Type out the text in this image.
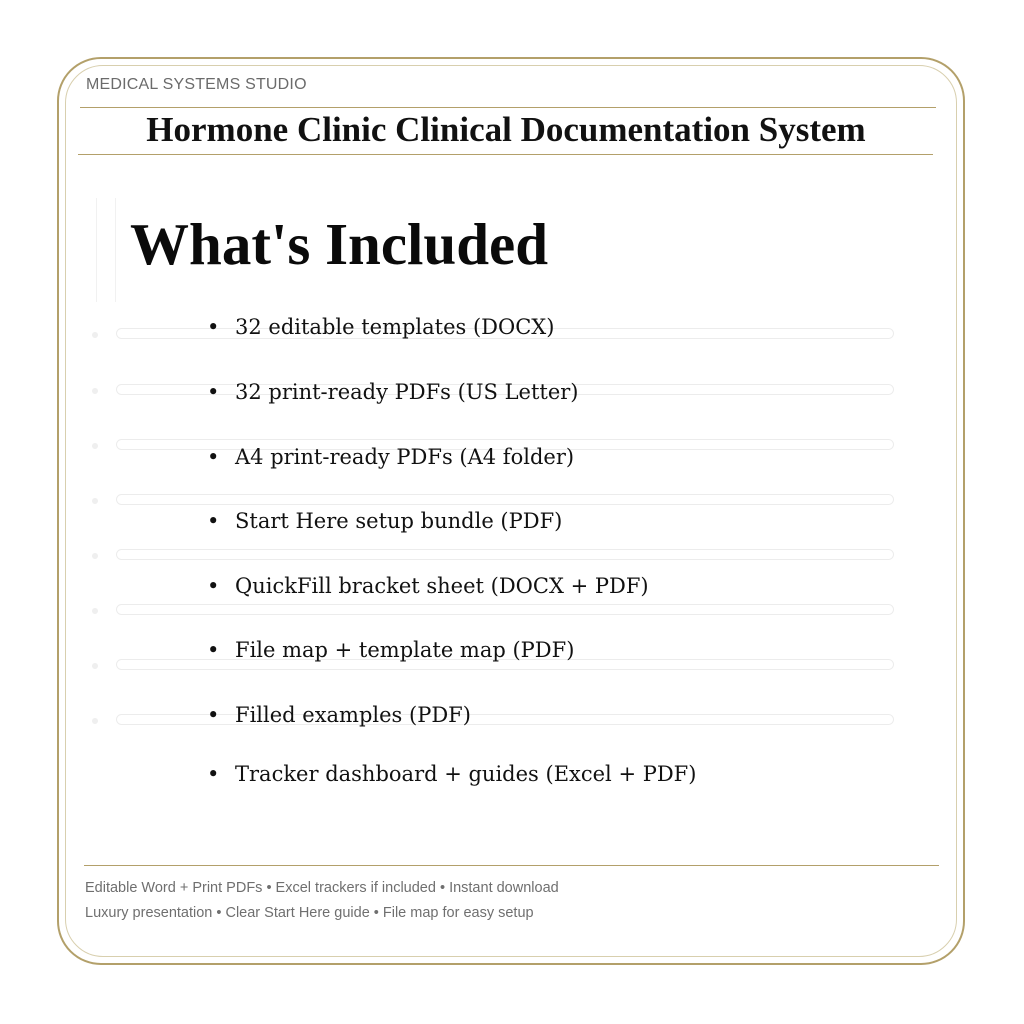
MEDICAL SYSTEMS STUDIO
Hormone Clinic Clinical Documentation System
What's Included
• 32 editable templates (DOCX)
• 32 print-ready PDFs (US Letter)
• A4 print-ready PDFs (A4 folder)
• Start Here setup bundle (PDF)
• QuickFill bracket sheet (DOCX + PDF)
• File map + template map (PDF)
• Filled examples (PDF)
• Tracker dashboard + guides (Excel + PDF)
Editable Word + Print PDFs • Excel trackers if included • Instant download
Luxury presentation • Clear Start Here guide • File map for easy setup
